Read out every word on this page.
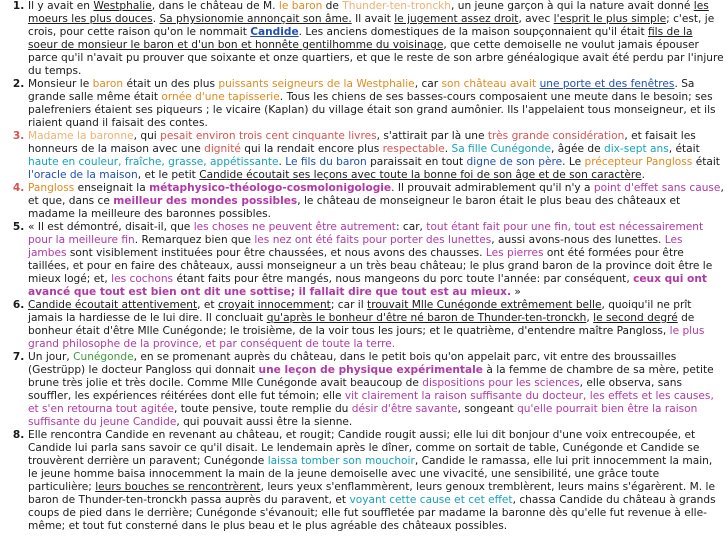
1. Il y avait en Westphalie, dans le château de M. le baron de Thunder-ten-tronckh, un jeune garçon à qui la nature avait donné les moeurs les plus douces. Sa physionomie annonçait son âme. Il avait le jugement assez droit, avec l'esprit le plus simple; c'est, je crois, pour cette raison qu'on le nommait Candide. Les anciens domestiques de la maison soupçonnaient qu'il était fils de la soeur de monsieur le baron et d'un bon et honnête gentilhomme du voisinage, que cette demoiselle ne voulut jamais épouser parce qu'il n'avait pu prouver que soixante et onze quartiers, et que le reste de son arbre généalogique avait été perdu par l'injure du temps.
2. Monsieur le baron était un des plus puissants seigneurs de la Westphalie, car son château avait une porte et des fenêtres. Sa grande salle même était ornée d'une tapisserie. Tous les chiens de ses basses-cours composaient une meute dans le besoin; ses palefreniers étaient ses piqueurs ; le vicaire (Kaplan) du village était son grand aumônier. Ils l'appelaient tous monseigneur, et ils riaient quand il faisait des contes.
3. Madame la baronne, qui pesait environ trois cent cinquante livres, s'attirait par là une très grande considération, et faisait les honneurs de la maison avec une dignité qui la rendait encore plus respectable. Sa fille Cunégonde, âgée de dix-sept ans, était haute en couleur, fraîche, grasse, appétissante. Le fils du baron paraissait en tout digne de son père. Le précepteur Pangloss était l'oracle de la maison, et le petit Candide écoutait ses leçons avec toute la bonne foi de son âge et de son caractère.
4. Pangloss enseignait la métaphysico-théologo-cosmolonigologie. Il prouvait admirablement qu'il n'y a point d'effet sans cause, et que, dans ce meilleur des mondes possibles, le château de monseigneur le baron était le plus beau des châteaux et madame la meilleure des baronnes possibles.
5. « Il est démontré, disait-il, que les choses ne peuvent être autrement: car, tout étant fait pour une fin, tout est nécessairement pour la meilleure fin. Remarquez bien que les nez ont été faits pour porter des lunettes, aussi avons-nous des lunettes. Les jambes sont visiblement instituées pour être chaussées, et nous avons des chausses. Les pierres ont été formées pour être taillées, et pour en faire des châteaux, aussi monseigneur a un très beau château; le plus grand baron de la province doit être le mieux logé; et, les cochons étant faits pour être mangés, nous mangeons du porc toute l'année: par conséquent, ceux qui ont avancé que tout est bien ont dit une sottise; il fallait dire que tout est au mieux. »
6. Candide écoutait attentivement, et croyait innocemment; car il trouvait Mlle Cunégonde extrêmement belle, quoiqu'il ne prît jamais la hardiesse de le lui dire. Il concluait qu'après le bonheur d'être né baron de Thunder-ten-tronckh, le second degré de bonheur était d'être Mlle Cunégonde; le troisième, de la voir tous les jours; et le quatrième, d'entendre maître Pangloss, le plus grand philosophe de la province, et par conséquent de toute la terre.
7. Un jour, Cunégonde, en se promenant auprès du château, dans le petit bois qu'on appelait parc, vit entre des broussailles (Gestrüpp) le docteur Pangloss qui donnait une leçon de physique expérimentale à la femme de chambre de sa mère, petite brune très jolie et très docile. Comme Mlle Cunégonde avait beaucoup de dispositions pour les sciences, elle observa, sans souffler, les expériences réitérées dont elle fut témoin; elle vit clairement la raison suffisante du docteur, les effets et les causes, et s'en retourna tout agitée, toute pensive, toute remplie du désir d'être savante, songeant qu'elle pourrait bien être la raison suffisante du jeune Candide, qui pouvait aussi être la sienne.
8. Elle rencontra Candide en revenant au château, et rougit; Candide rougit aussi; elle lui dit bonjour d'une voix entrecoupée, et Candide lui parla sans savoir ce qu'il disait. Le lendemain après le dîner, comme on sortait de table, Cunégonde et Candide se trouvèrent derrière un paravent; Cunégonde laissa tomber son mouchoir, Candide le ramassa, elle lui prit innocemment la main, le jeune homme baisa innocemment la main de la jeune demoiselle avec une vivacité, une sensibilité, une grâce toute particulière; leurs bouches se rencontrèrent, leurs yeux s'enflammèrent, leurs genoux tremblèrent, leurs mains s'égarèrent. M. le baron de Thunder-ten-tronckh passa auprès du paravent, et voyant cette cause et cet effet, chassa Candide du château à grands coups de pied dans le derrière; Cunégonde s'évanouit; elle fut souffletée par madame la baronne dès qu'elle fut revenue à elle-même; et tout fut consterné dans le plus beau et le plus agréable des châteaux possibles.
